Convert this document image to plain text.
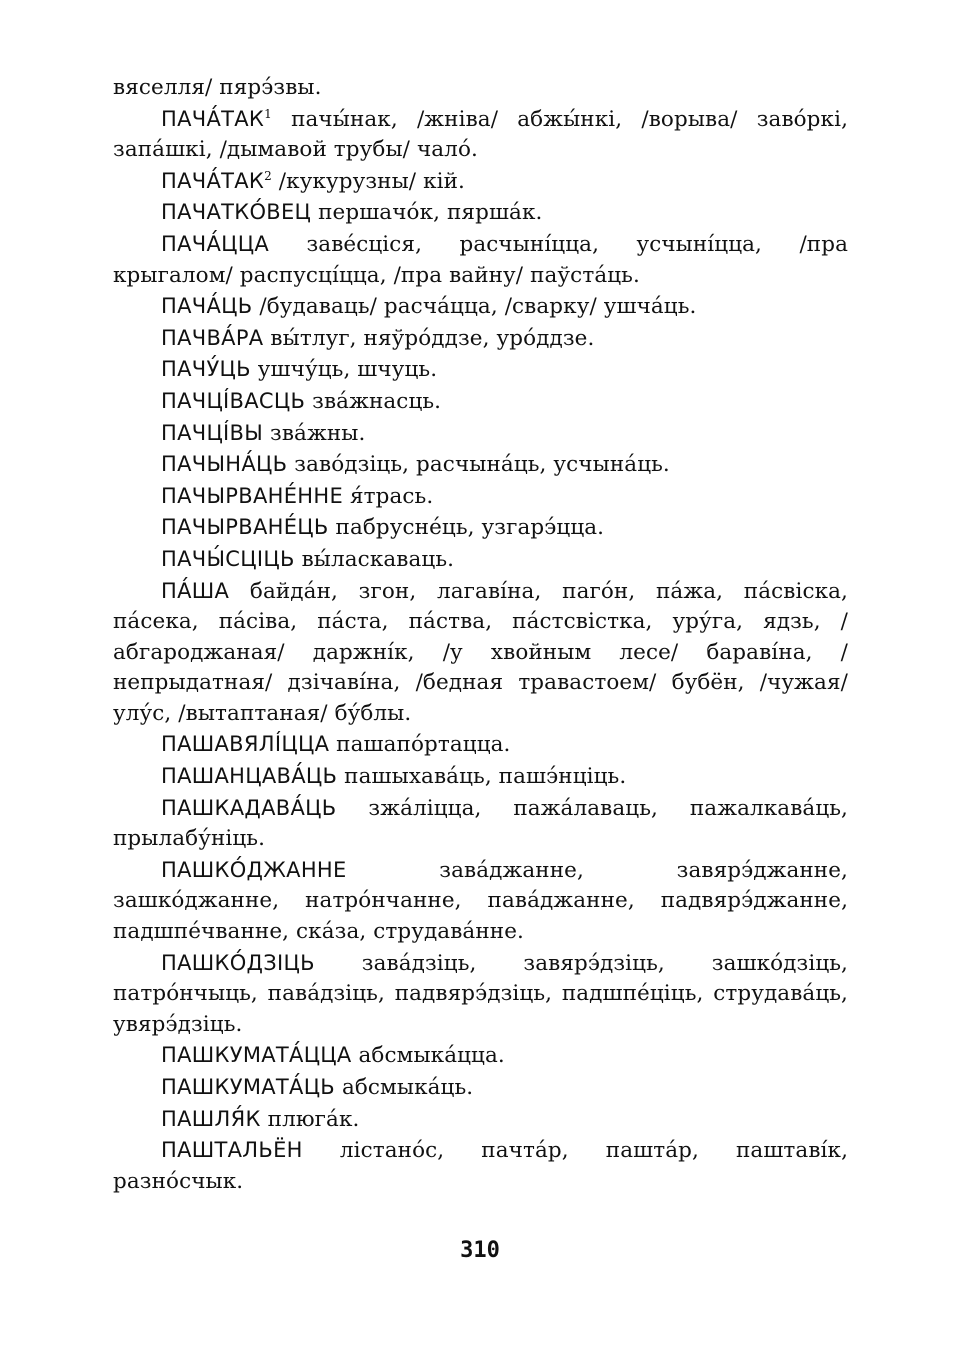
вяселля/ пярэ́звы.

ПАЧА́ТАК$^1$ пачы́нак, /жнiва/ абжы́нкi, /ворыва/ заво́ркi, запа́шкi, /дымавой трубы/ чало́.

ПАЧА́ТАК$^2$ /кукурузны/ кiй.

ПАЧАТКО́ВЕЦ першачо́к, пярша́к.

ПАЧА́ЦЦА заве́сцiся, расчынíцца, усчынíцца, /пра крыгалом/ распусцíцца, /пра вайну/ паўста́ць.

ПАЧА́ЦЬ /будаваць/ расча́цца, /сварку/ ушча́ць.

ПАЧВА́РА вы́тлуг, няўро́ддзе, уро́ддзе.

ПАЧУ́ЦЬ ушчу́ць, шчуць.

ПАЧЦÍВАСЦЬ зва́жнасць.

ПАЧЦÍВЫ зва́жны.

ПАЧЫНА́ЦЬ заво́дзiць, расчына́ць, усчына́ць.

ПАЧЫРВАНЕ́ННЕ я́трась.

ПАЧЫРВАНЕ́ЦЬ пабрусне́ць, узгарэ́цца.

ПАЧЫ́СЦIЦЬ вы́ласкаваць.

ПА́ША байда́н, згон, лагавíна, паго́н, па́жа, па́свiска, па́сека, па́сiва, па́ста, па́ства, па́стсвiстка, уру́га, ядзь, /абгароджаная/ даржнíк, /у хвойным лесе/ баравíна, /непрыдатная/ дзiчавíна, /бедная травастоем/ бубён, /чужая/ улу́с, /вытаптаная/ бу́блы.

ПАШАВЯЛÍЦЦА пашапо́ртацца.

ПАШАНЦАВА́ЦЬ пашыхава́ць, пашэ́нцiць.

ПАШКАДАВА́ЦЬ зжа́лiцца, пажа́лаваць, пажалкава́ць, прылабу́нiць.

ПАШКО́ДЖАННЕ зава́джанне, завярэ́джанне, зашко́джанне, натро́нчанне, пава́джанне, падвярэ́джанне, падшпе́чванне, ска́за, струдава́нне.

ПАШКО́ДЗIЦЬ зава́дзiць, завярэ́дзiць, зашко́дзiць, патро́нчыць, пава́дзiць, падвярэ́дзiць, падшпе́цiць, струдава́ць, увярэ́дзiць.

ПАШКУМАТА́ЦЦА абсмыка́цца.

ПАШКУМАТА́ЦЬ абсмыка́ць.

ПАШЛЯ́К плюга́к.

ПАШТАЛЬЁН лiстано́с, пачта́р, пашта́р, паштавíк, разно́счык.

310
